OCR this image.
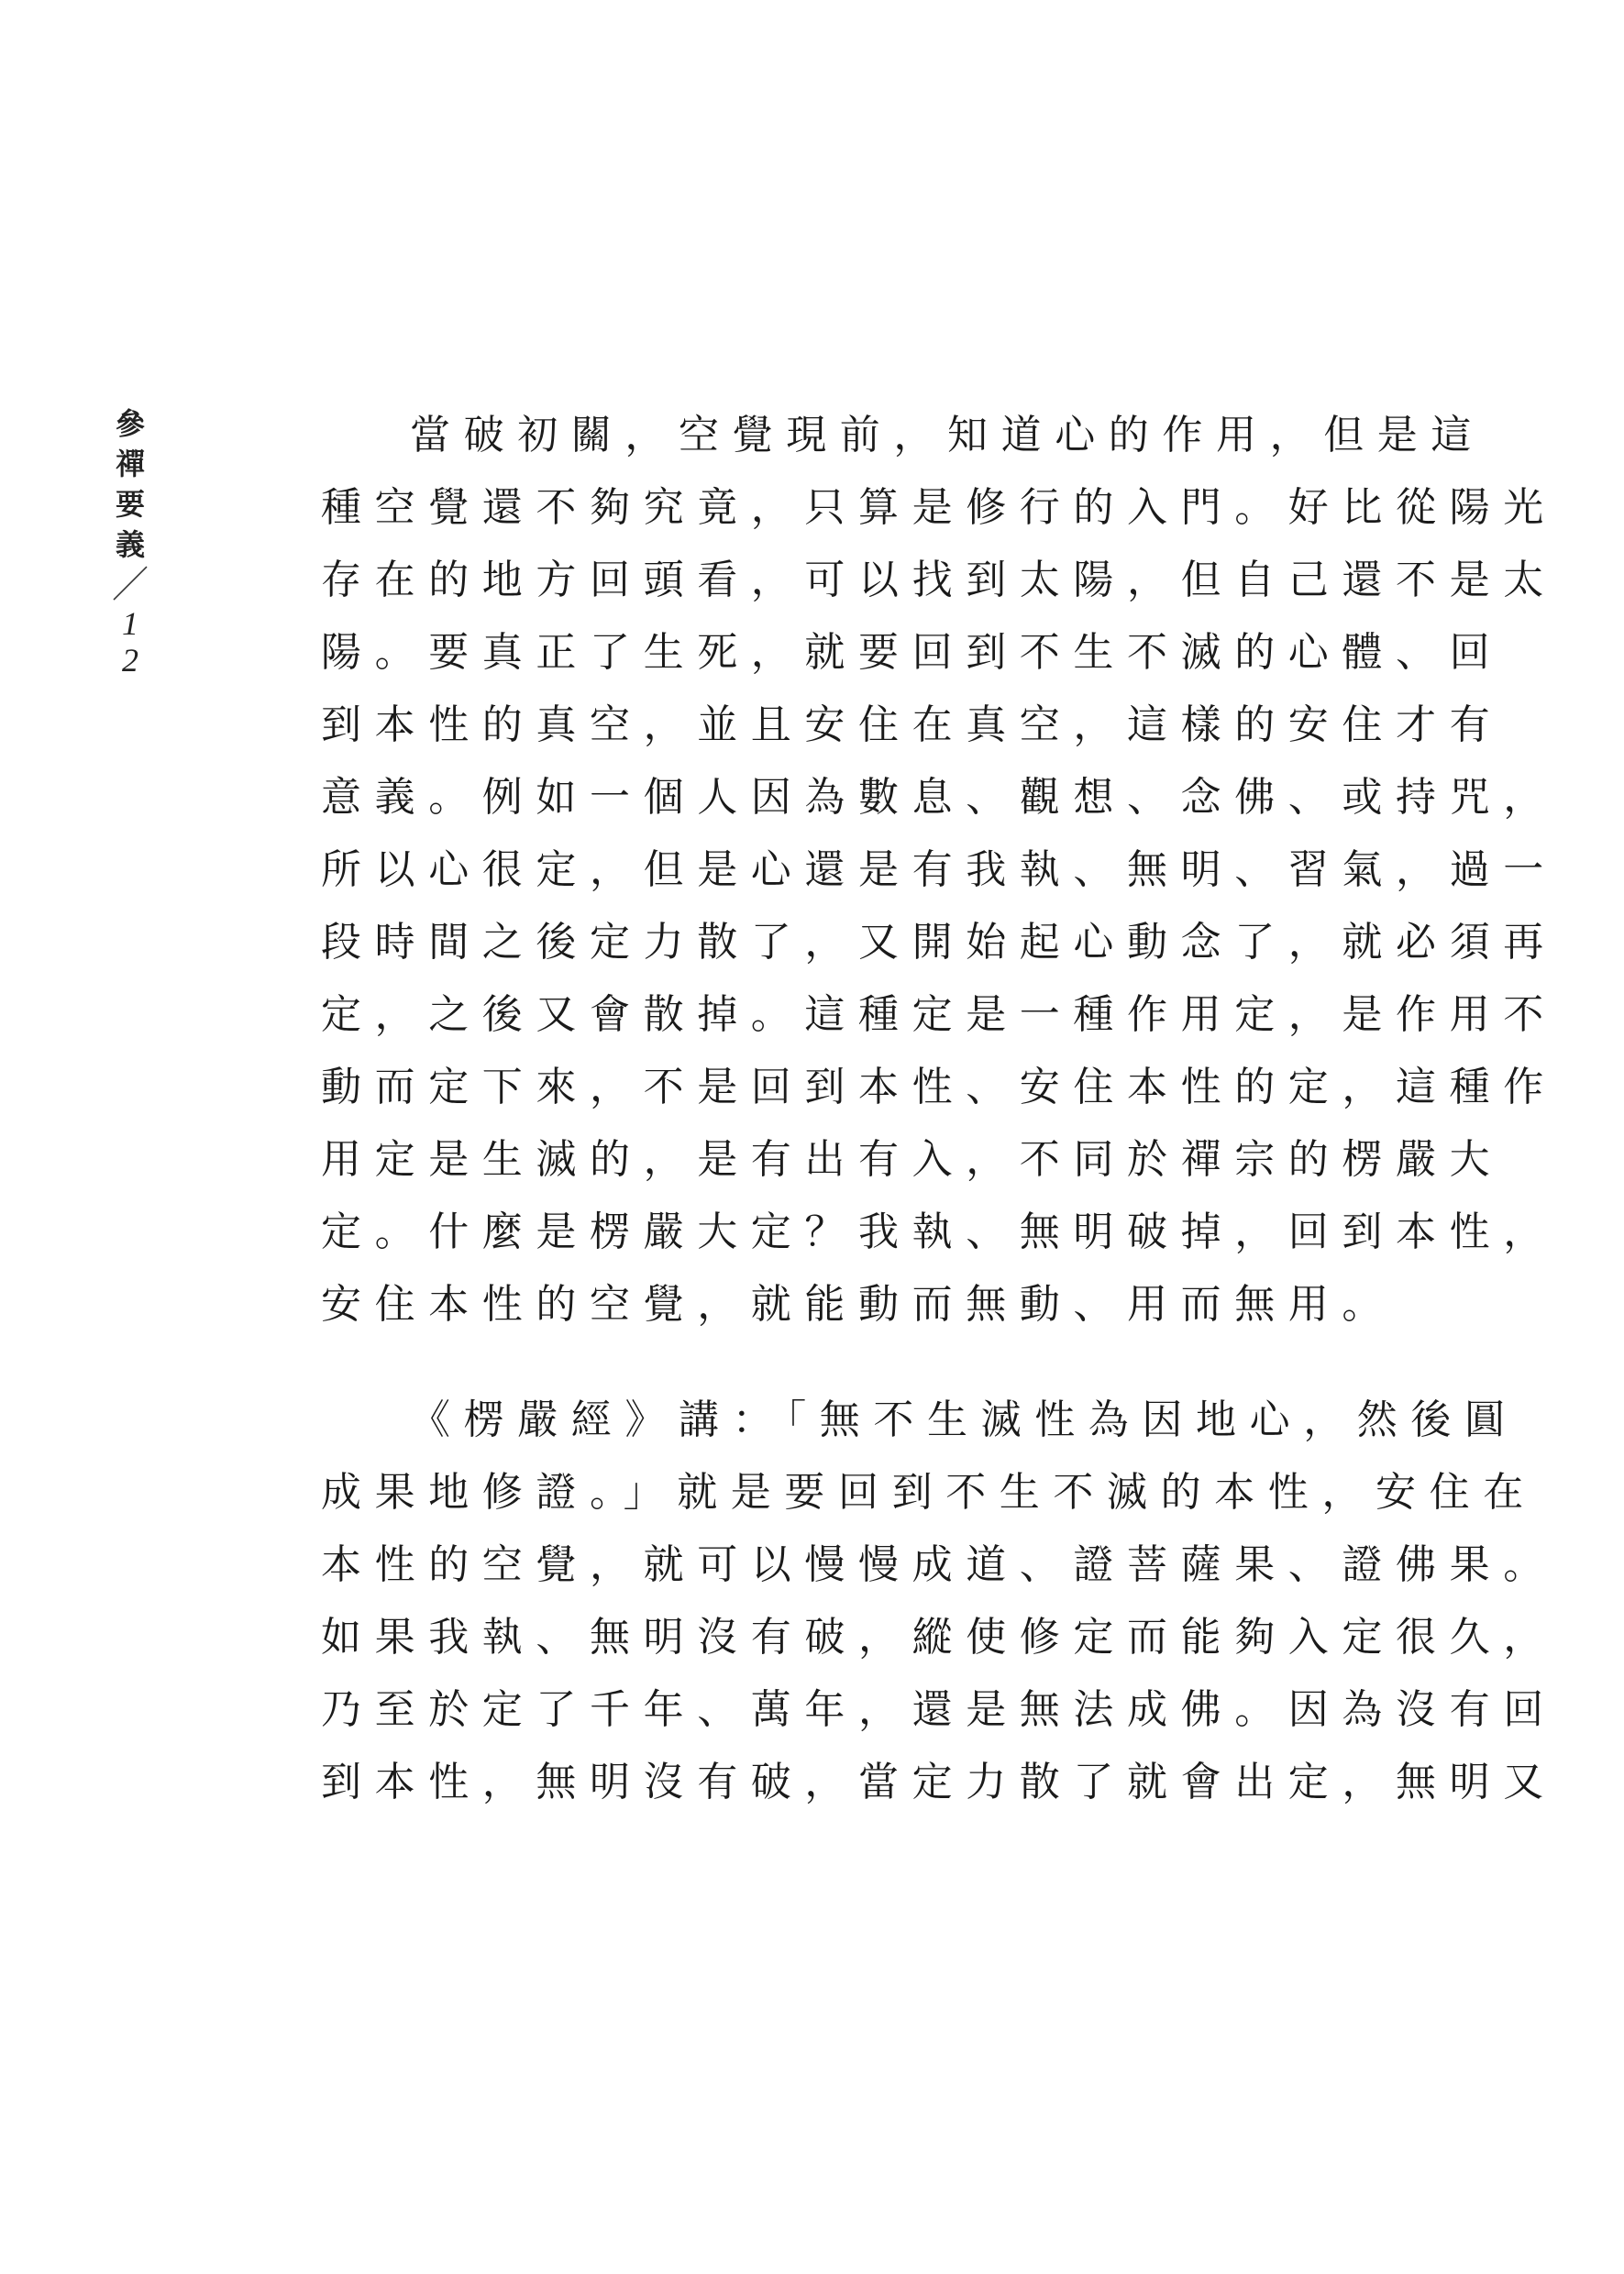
參
禪
要
義
／
1
2

當破初關，空覺現前，知道心的作用，但是這
種空覺還不夠究竟，只算是修行的入門。好比從陽光
存在的地方回頭看，可以找到太陽，但自己還不是太
陽。要真正了生死，就要回到不生不滅的心體、回
到本性的真空，並且安住在真空，這樣的安住才有
意義。例如一個人因為數息、觀想、念佛、或持咒，
所以心很定，但是心還是有我執、無明、習氣，過一
段時間之後定力散了，又開始起心動念了，就必須再
定，之後又會散掉。這種定是一種作用定，是作用不
動而定下來，不是回到本性、安住本性的定，這種作
用定是生滅的，是有出有入，不同於禪宗的楞嚴大
定。什麼是楞嚴大定？我執、無明破掉，回到本性，
安住本性的空覺，就能動而無動、用而無用。

《楞嚴經》講：「無不生滅性為因地心，然後圓
成果地修證。」就是要回到不生不滅的本性，安住在
本性的空覺，就可以慢慢成道、證菩薩果、證佛果。
如果我執、無明沒有破，縱使修定而能夠入定很久，
乃至於定了千年、萬年，還是無法成佛。因為沒有回
到本性，無明沒有破，當定力散了就會出定，無明又
